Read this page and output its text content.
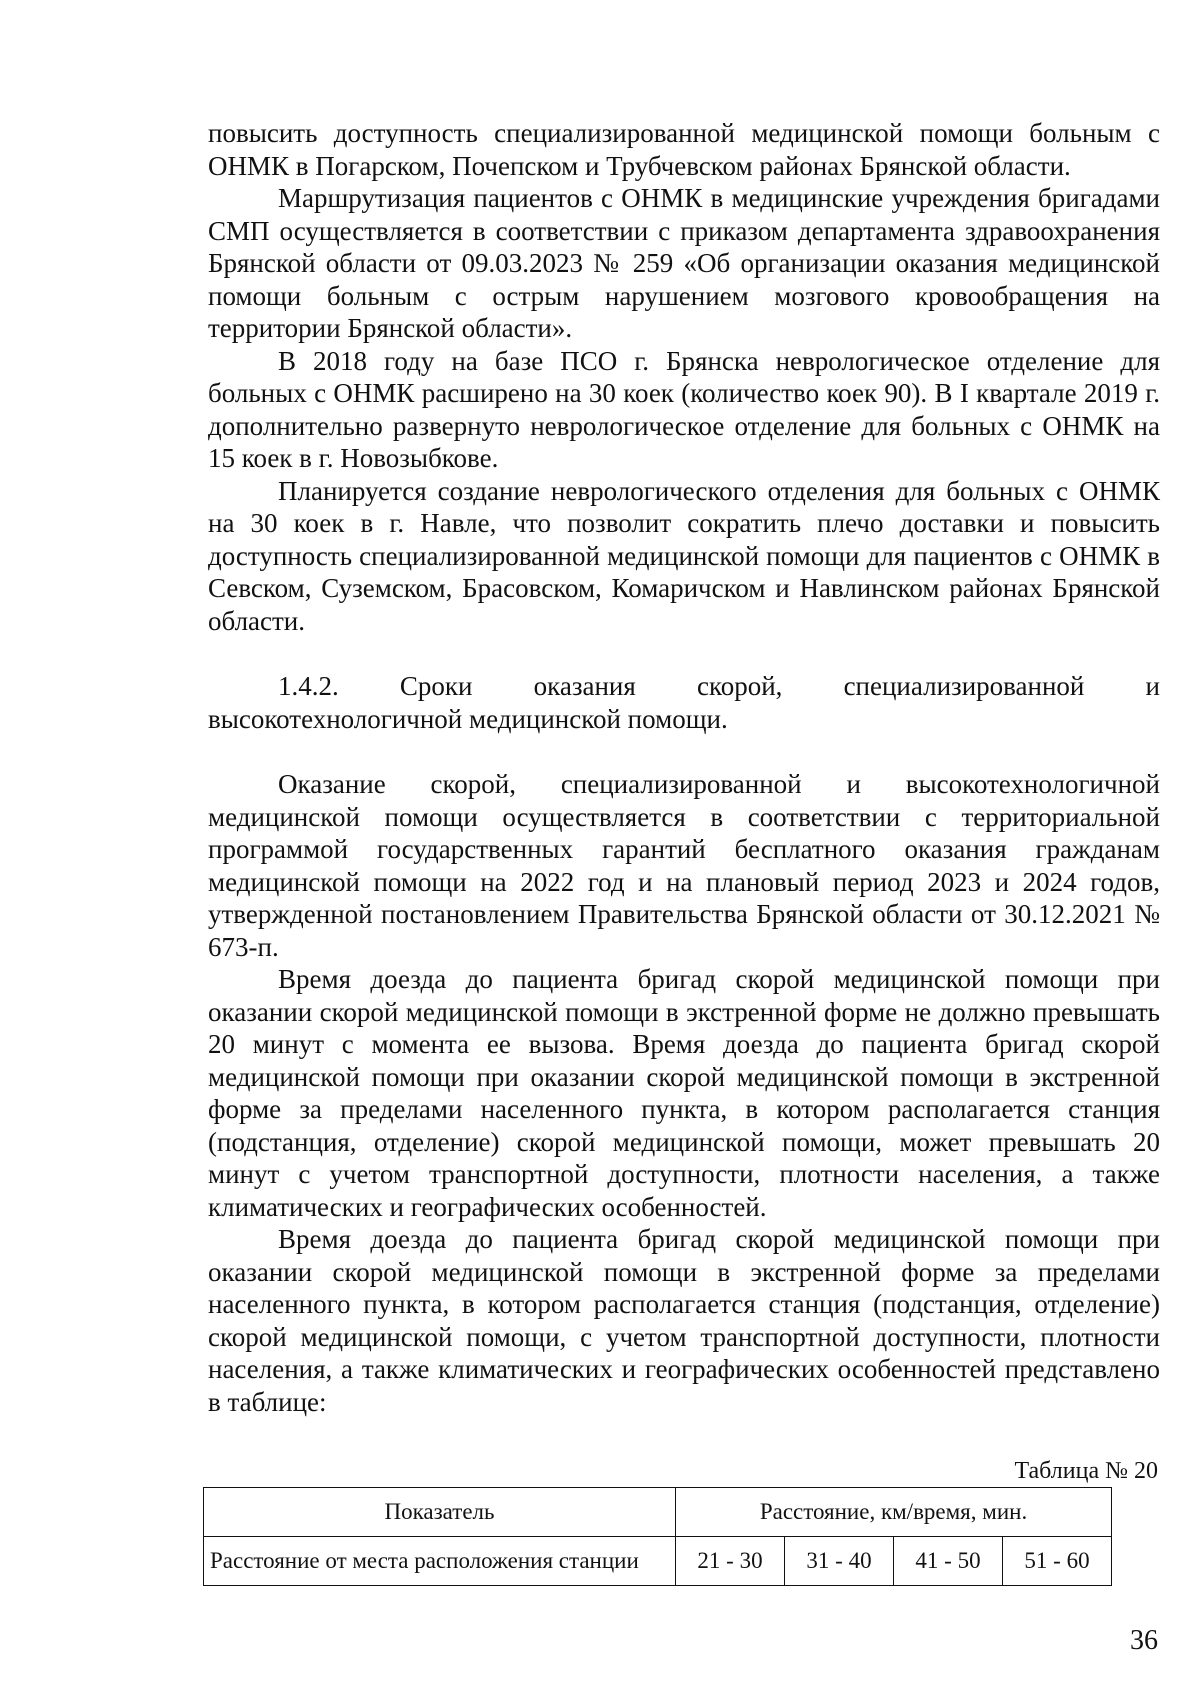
повысить доступность специализированной медицинской помощи больным с ОНМК в Погарском, Почепском и Трубчевском районах Брянской области.

Маршрутизация пациентов с ОНМК в медицинские учреждения бригадами СМП осуществляется в соответствии с приказом департамента здравоохранения Брянской области от 09.03.2023 № 259 «Об организации оказания медицинской помощи больным с острым нарушением мозгового кровообращения на территории Брянской области».

В 2018 году на базе ПСО г. Брянска неврологическое отделение для больных с ОНМК расширено на 30 коек (количество коек 90). В I квартале 2019 г. дополнительно развернуто неврологическое отделение для больных с ОНМК на 15 коек в г. Новозыбкове.

Планируется создание неврологического отделения для больных с ОНМК на 30 коек в г. Навле, что позволит сократить плечо доставки и повысить доступность специализированной медицинской помощи для пациентов с ОНМК в Севском, Суземском, Брасовском, Комаричском и Навлинском районах Брянской области.

1.4.2. Сроки оказания скорой, специализированной и
высокотехнологичной медицинской помощи.

Оказание скорой, специализированной и высокотехнологичной медицинской помощи осуществляется в соответствии с территориальной программой государственных гарантий бесплатного оказания гражданам медицинской помощи на 2022 год и на плановый период 2023 и 2024 годов, утвержденной постановлением Правительства Брянской области от 30.12.2021 № 673-п.

Время доезда до пациента бригад скорой медицинской помощи при оказании скорой медицинской помощи в экстренной форме не должно превышать 20 минут с момента ее вызова. Время доезда до пациента бригад скорой медицинской помощи при оказании скорой медицинской помощи в экстренной форме за пределами населенного пункта, в котором располагается станция (подстанция, отделение) скорой медицинской помощи, может превышать 20 минут с учетом транспортной доступности, плотности населения, а также климатических и географических особенностей.

Время доезда до пациента бригад скорой медицинской помощи при оказании скорой медицинской помощи в экстренной форме за пределами населенного пункта, в котором располагается станция (подстанция, отделение) скорой медицинской помощи, с учетом транспортной доступности, плотности населения, а также климатических и географических особенностей представлено в таблице:

Таблица № 20
Показатель	Расстояние, км/время, мин.			
Расстояние от места расположения станции	21 - 30	31 - 40	41 - 50	51 - 60
36
